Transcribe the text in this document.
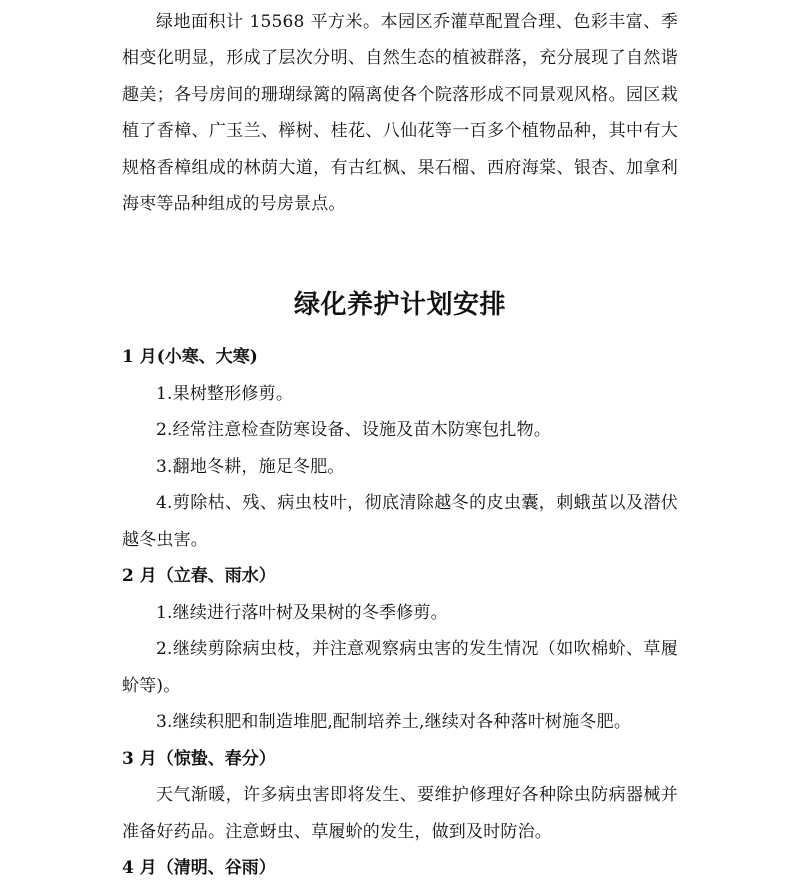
绿地面积计 15568 平方米。本园区乔灌草配置合理、色彩丰富、季相变化明显，形成了层次分明、自然生态的植被群落，充分展现了自然谐趣美；各号房间的珊瑚绿篱的隔离使各个院落形成不同景观风格。园区栽植了香樟、广玉兰、榉树、桂花、八仙花等一百多个植物品种，其中有大规格香樟组成的林荫大道，有古红枫、果石榴、西府海棠、银杏、加拿利海枣等品种组成的号房景点。

绿化养护计划安排

1 月(小寒、大寒)

1.果树整形修剪。

2.经常注意检查防寒设备、设施及苗木防寒包扎物。

3.翻地冬耕，施足冬肥。

4.剪除枯、残、病虫枝叶，彻底清除越冬的皮虫囊，刺蛾茧以及潜伏越冬虫害。

2 月（立春、雨水）

1.继续进行落叶树及果树的冬季修剪。

2.继续剪除病虫枝，并注意观察病虫害的发生情况（如吹棉蚧、草履蚧等)。

3.继续积肥和制造堆肥,配制培养土,继续对各种落叶树施冬肥。

3 月（惊蛰、春分）

天气渐暖，许多病虫害即将发生、要维护修理好各种除虫防病器械并准备好药品。注意蚜虫、草履蚧的发生，做到及时防治。

4 月（清明、谷雨）
